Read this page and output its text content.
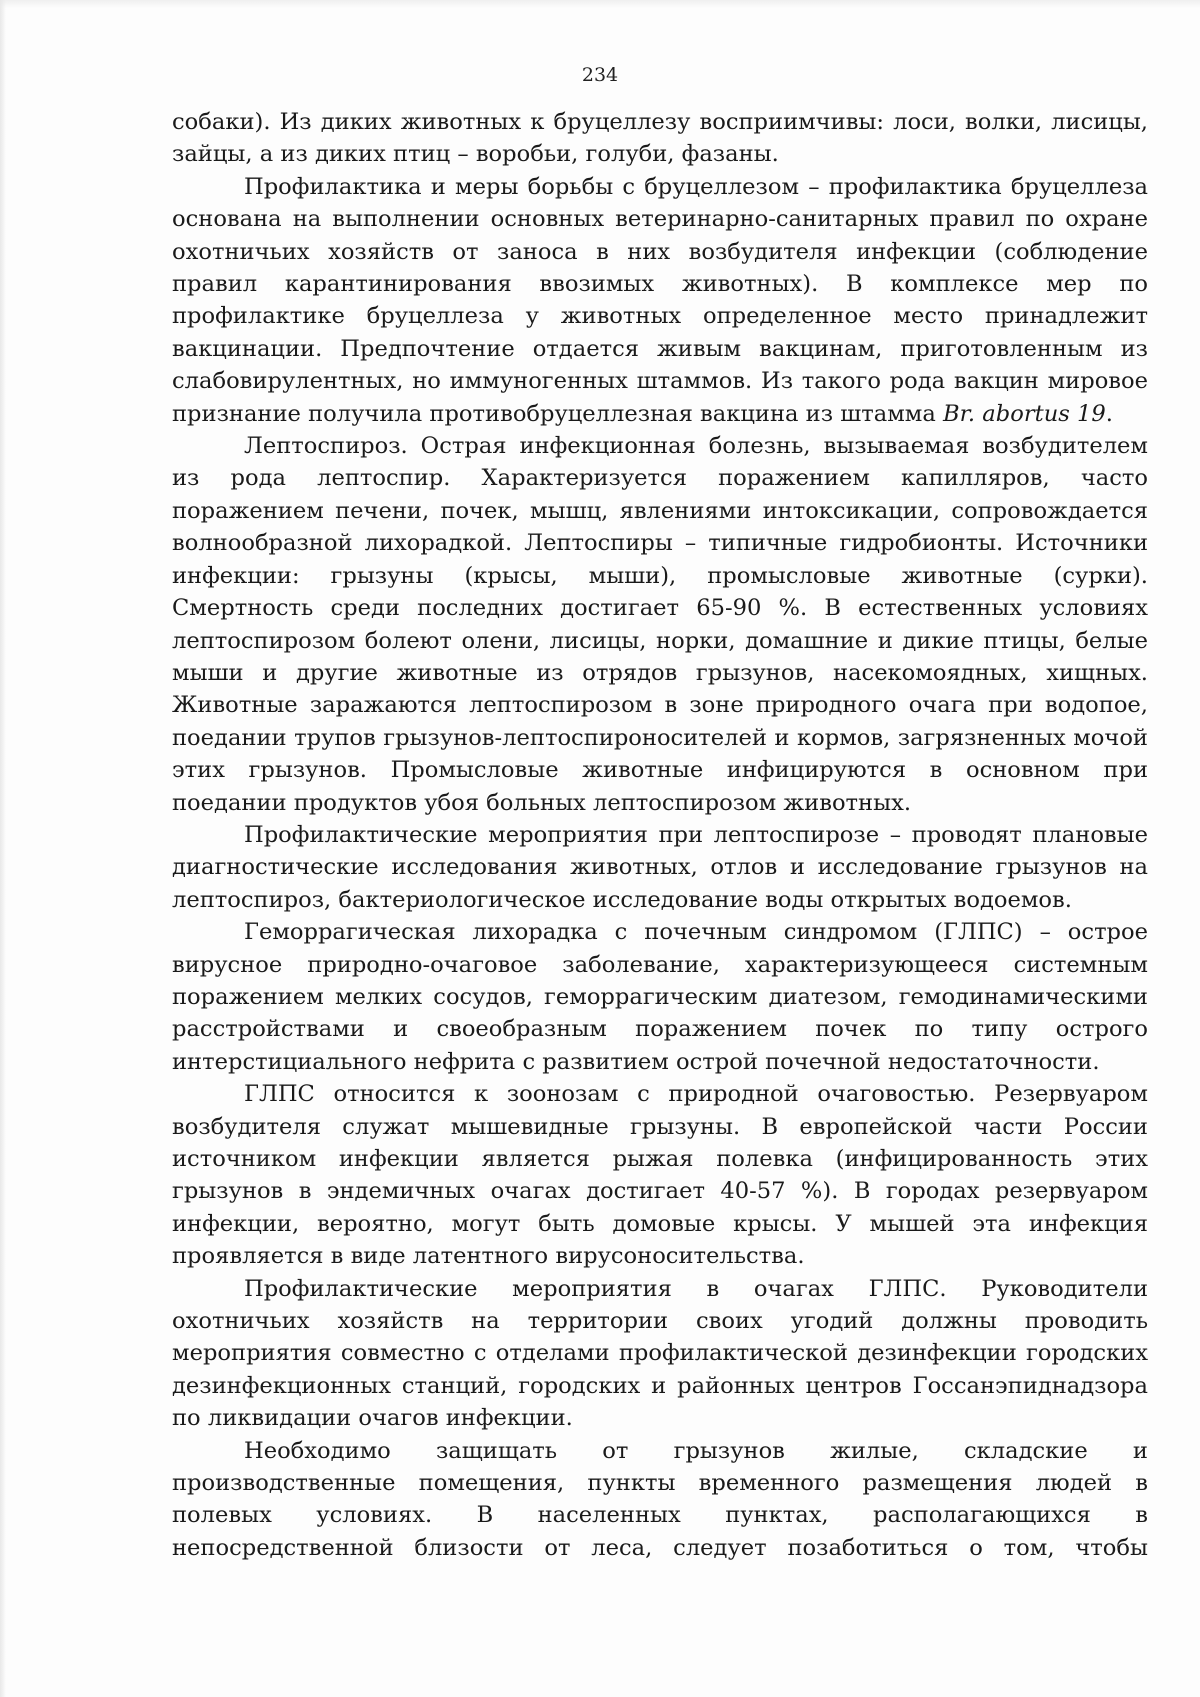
234

собаки). Из диких животных к бруцеллезу восприимчивы: лоси, волки, лисицы, зайцы, а из диких птиц – воробьи, голуби, фазаны.

Профилактика и меры борьбы с бруцеллезом – профилактика бруцеллеза основана на выполнении основных ветеринарно-санитарных правил по охране охотничьих хозяйств от заноса в них возбудителя инфекции (соблюдение правил карантинирования ввозимых животных). В комплексе мер по профилактике бруцеллеза у животных определенное место принадлежит вакцинации. Предпочтение отдается живым вакцинам, приготовленным из слабовирулентных, но иммуногенных штаммов. Из такого рода вакцин мировое признание получила противобруцеллезная вакцина из штамма Br. abortus 19.

Лептоспироз. Острая инфекционная болезнь, вызываемая возбудителем из рода лептоспир. Характеризуется поражением капилляров, часто поражением печени, почек, мышц, явлениями интоксикации, сопровождается волнообразной лихорадкой. Лептоспиры – типичные гидробионты. Источники инфекции: грызуны (крысы, мыши), промысловые животные (сурки). Смертность среди последних достигает 65-90 %. В естественных условиях лептоспирозом болеют олени, лисицы, норки, домашние и дикие птицы, белые мыши и другие животные из отрядов грызунов, насекомоядных, хищных. Животные заражаются лептоспирозом в зоне природного очага при водопое, поедании трупов грызунов-лептоспироносителей и кормов, загрязненных мочой этих грызунов. Промысловые животные инфицируются в основном при поедании продуктов убоя больных лептоспирозом животных.

Профилактические мероприятия при лептоспирозе – проводят плановые диагностические исследования животных, отлов и исследование грызунов на лептоспироз, бактериологическое исследование воды открытых водоемов.

Геморрагическая лихорадка с почечным синдромом (ГЛПС) – острое вирусное природно-очаговое заболевание, характеризующееся системным поражением мелких сосудов, геморрагическим диатезом, гемодинамическими расстройствами и своеобразным поражением почек по типу острого интерстициального нефрита с развитием острой почечной недостаточности.

ГЛПС относится к зоонозам с природной очаговостью. Резервуаром возбудителя служат мышевидные грызуны. В европейской части России источником инфекции является рыжая полевка (инфицированность этих грызунов в эндемичных очагах достигает 40-57 %). В городах резервуаром инфекции, вероятно, могут быть домовые крысы. У мышей эта инфекция проявляется в виде латентного вирусоносительства.

Профилактические мероприятия в очагах ГЛПС. Руководители охотничьих хозяйств на территории своих угодий должны проводить мероприятия совместно с отделами профилактической дезинфекции городских дезинфекционных станций, городских и районных центров Госсанэпиднадзора по ликвидации очагов инфекции.

Необходимо защищать от грызунов жилые, складские и производственные помещения, пункты временного размещения людей в полевых условиях. В населенных пунктах, располагающихся в непосредственной близости от леса, следует позаботиться о том, чтобы
